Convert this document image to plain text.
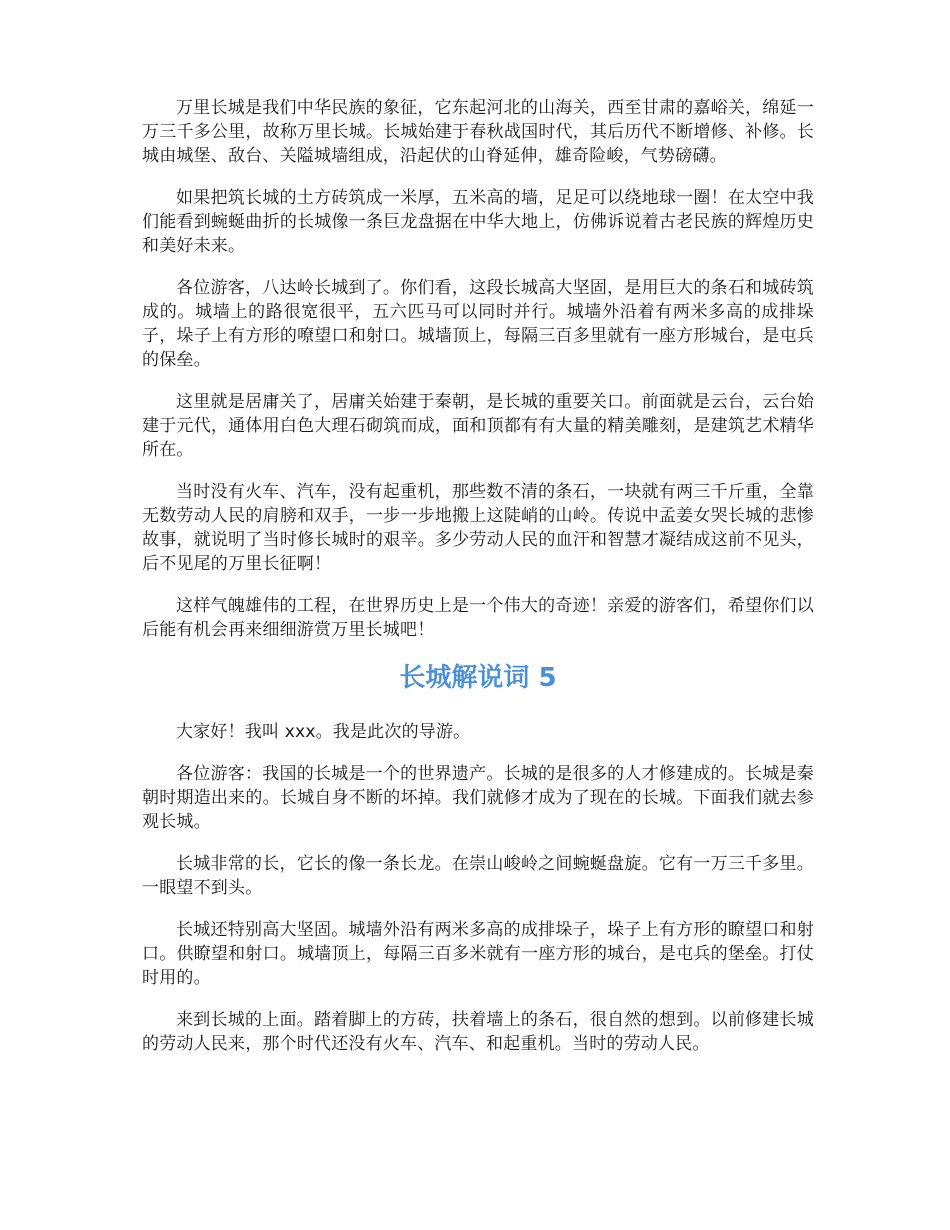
万里长城是我们中华民族的象征，它东起河北的山海关，西至甘肃的嘉峪关，绵延一万三千多公里，故称万里长城。长城始建于春秋战国时代，其后历代不断增修、补修。长城由城堡、敌台、关隘城墙组成，沿起伏的山脊延伸，雄奇险峻，气势磅礴。

如果把筑长城的土方砖筑成一米厚，五米高的墙，足足可以绕地球一圈！在太空中我们能看到蜿蜒曲折的长城像一条巨龙盘据在中华大地上，仿佛诉说着古老民族的辉煌历史和美好未来。

各位游客，八达岭长城到了。你们看，这段长城高大坚固，是用巨大的条石和城砖筑成的。城墙上的路很宽很平，五六匹马可以同时并行。城墙外沿着有两米多高的成排垛子，垛子上有方形的嘹望口和射口。城墙顶上，每隔三百多里就有一座方形城台，是屯兵的保垒。

这里就是居庸关了，居庸关始建于秦朝，是长城的重要关口。前面就是云台，云台始建于元代，通体用白色大理石砌筑而成，面和顶都有有大量的精美雕刻，是建筑艺术精华所在。

当时没有火车、汽车，没有起重机，那些数不清的条石，一块就有两三千斤重，全靠无数劳动人民的肩膀和双手，一步一步地搬上这陡峭的山岭。传说中孟姜女哭长城的悲惨故事，就说明了当时修长城时的艰辛。多少劳动人民的血汗和智慧才凝结成这前不见头，后不见尾的万里长征啊！

这样气魄雄伟的工程，在世界历史上是一个伟大的奇迹！亲爱的游客们，希望你们以后能有机会再来细细游赏万里长城吧！

长城解说词 5

大家好！我叫 xxx。我是此次的导游。

各位游客：我国的长城是一个的世界遗产。长城的是很多的人才修建成的。长城是秦朝时期造出来的。长城自身不断的坏掉。我们就修才成为了现在的长城。下面我们就去参观长城。

长城非常的长，它长的像一条长龙。在崇山峻岭之间蜿蜒盘旋。它有一万三千多里。一眼望不到头。

长城还特别高大坚固。城墙外沿有两米多高的成排垛子，垛子上有方形的瞭望口和射口。供瞭望和射口。城墙顶上，每隔三百多米就有一座方形的城台，是屯兵的堡垒。打仗时用的。

来到长城的上面。踏着脚上的方砖，扶着墙上的条石，很自然的想到。以前修建长城的劳动人民来，那个时代还没有火车、汽车、和起重机。当时的劳动人民。
